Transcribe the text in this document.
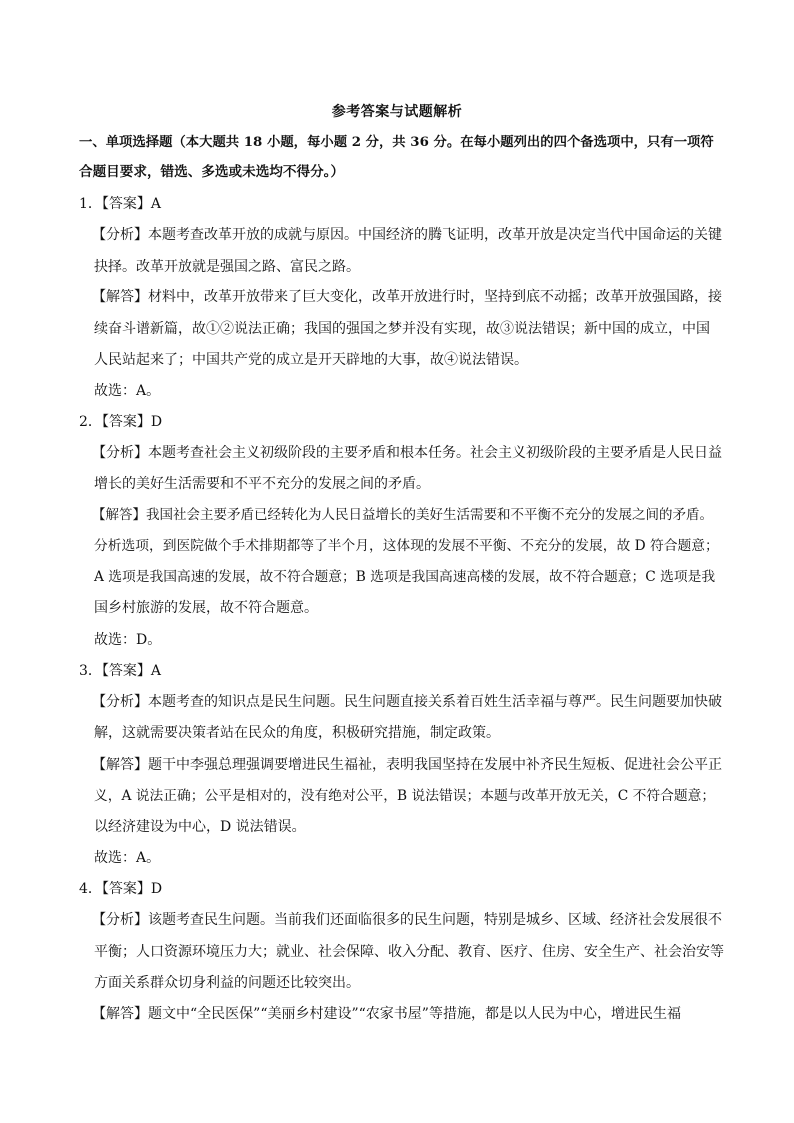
参考答案与试题解析
一、单项选择题（本大题共 18 小题，每小题 2 分，共 36 分。在每小题列出的四个备选项中，只有一项符
合题目要求，错选、多选或未选均不得分。）
1．【答案】A
【分析】本题考查改革开放的成就与原因。中国经济的腾飞证明，改革开放是决定当代中国命运的关键
抉择。改革开放就是强国之路、富民之路。
【解答】材料中，改革开放带来了巨大变化，改革开放进行时，坚持到底不动摇；改革开放强国路，接
续奋斗谱新篇，故①②说法正确；我国的强国之梦并没有实现，故③说法错误；新中国的成立，中国
人民站起来了；中国共产党的成立是开天辟地的大事，故④说法错误。
故选：A。
2．【答案】D
【分析】本题考查社会主义初级阶段的主要矛盾和根本任务。社会主义初级阶段的主要矛盾是人民日益
增长的美好生活需要和不平不充分的发展之间的矛盾。
【解答】我国社会主要矛盾已经转化为人民日益增长的美好生活需要和不平衡不充分的发展之间的矛盾。
分析选项，到医院做个手术排期都等了半个月，这体现的发展不平衡、不充分的发展，故 D 符合题意；
A 选项是我国高速的发展，故不符合题意；B 选项是我国高速高楼的发展，故不符合题意；C 选项是我
国乡村旅游的发展，故不符合题意。
故选：D。
3．【答案】A
【分析】本题考查的知识点是民生问题。民生问题直接关系着百姓生活幸福与尊严。民生问题要加快破
解，这就需要决策者站在民众的角度，积极研究措施，制定政策。
【解答】题干中李强总理强调要增进民生福祉，表明我国坚持在发展中补齐民生短板、促进社会公平正
义，A 说法正确；公平是相对的，没有绝对公平，B 说法错误；本题与改革开放无关，C 不符合题意；
以经济建设为中心，D 说法错误。
故选：A。
4．【答案】D
【分析】该题考查民生问题。当前我们还面临很多的民生问题，特别是城乡、区域、经济社会发展很不
平衡；人口资源环境压力大；就业、社会保障、收入分配、教育、医疗、住房、安全生产、社会治安等
方面关系群众切身利益的问题还比较突出。
【解答】题文中“全民医保”“美丽乡村建设”“农家书屋”等措施，都是以人民为中心，增进民生福
